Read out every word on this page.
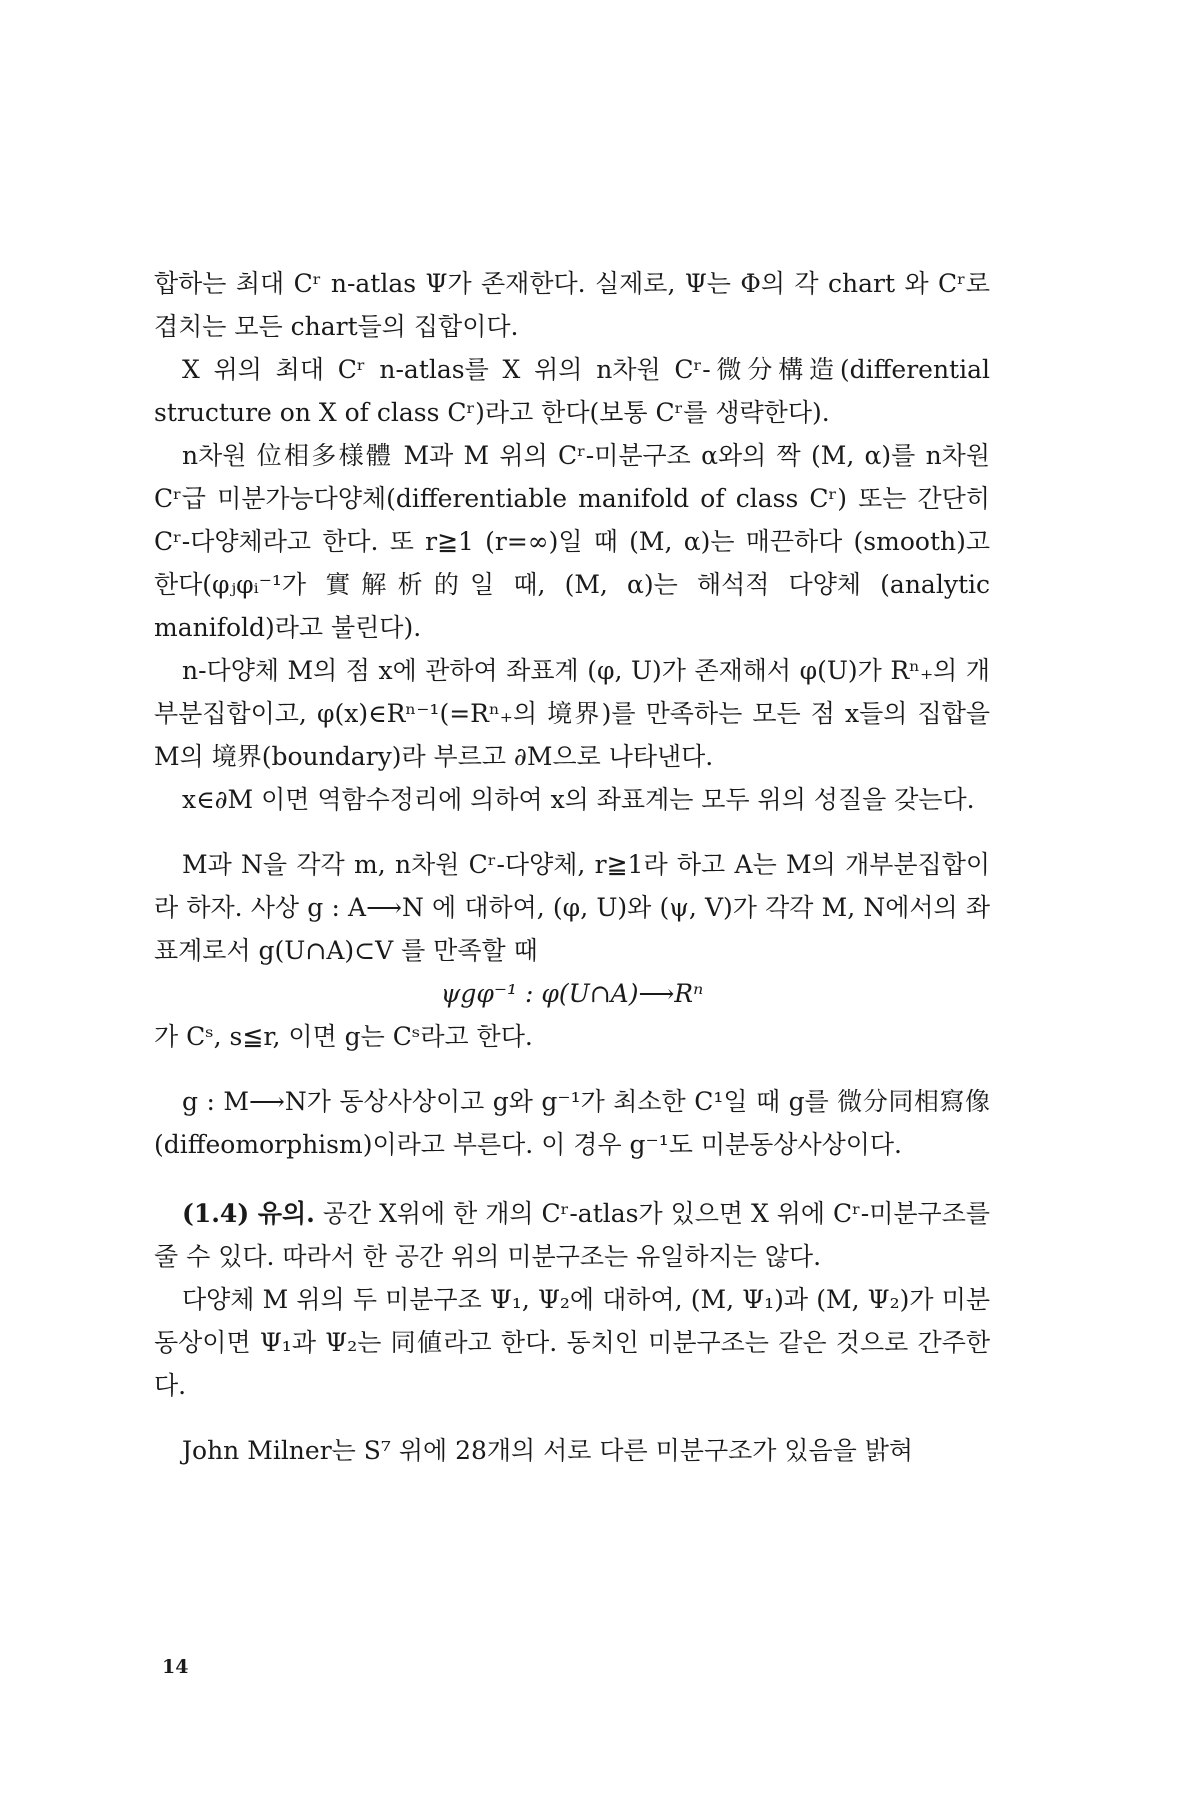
합하는 최대 Cʳ n-atlas Ψ가 존재한다. 실제로, Ψ는 Φ의 각 chart 와 Cʳ로 겹치는 모든 chart들의 집합이다.

X 위의 최대 Cʳ n-atlas를 X 위의 n차원 Cʳ-微分構造(differential structure on X of class Cʳ)라고 한다(보통 Cʳ를 생략한다).

n차원 位相多様體 M과 M 위의 Cʳ-미분구조 α와의 짝 (M, α)를 n차원 Cʳ급 미분가능다양체(differentiable manifold of class Cʳ) 또는 간단히 Cʳ-다양체라고 한다. 또 r≧1 (r=∞)일 때 (M, α)는 매끈하다 (smooth)고 한다(φⱼφᵢ⁻¹가 實解析的일 때, (M, α)는 해석적 다양체 (analytic manifold)라고 불린다).

n-다양체 M의 점 x에 관하여 좌표계 (φ, U)가 존재해서 φ(U)가 Rⁿ₊의 개부분집합이고, φ(x)∈Rⁿ⁻¹(=Rⁿ₊의 境界)를 만족하는 모든 점 x들의 집합을 M의 境界(boundary)라 부르고 ∂M으로 나타낸다.

x∈∂M 이면 역함수정리에 의하여 x의 좌표계는 모두 위의 성질을 갖는다.

M과 N을 각각 m, n차원 Cʳ-다양체, r≧1라 하고 A는 M의 개부분집합이라 하자. 사상 g : A⟶N 에 대하여, (φ, U)와 (ψ, V)가 각각 M, N에서의 좌표계로서 g(U∩A)⊂V 를 만족할 때

ψgφ⁻¹ : φ(U∩A)⟶Rⁿ

가 Cˢ, s≦r, 이면 g는 Cˢ라고 한다.

g : M⟶N가 동상사상이고 g와 g⁻¹가 최소한 C¹일 때 g를 微分同相寫像(diffeomorphism)이라고 부른다. 이 경우 g⁻¹도 미분동상사상이다.

(1.4) 유의. 공간 X위에 한 개의 Cʳ-atlas가 있으면 X 위에 Cʳ-미분구조를 줄 수 있다. 따라서 한 공간 위의 미분구조는 유일하지는 않다.

다양체 M 위의 두 미분구조 Ψ₁, Ψ₂에 대하여, (M, Ψ₁)과 (M, Ψ₂)가 미분동상이면 Ψ₁과 Ψ₂는 同値라고 한다. 동치인 미분구조는 같은 것으로 간주한다.

John Milner는 S⁷ 위에 28개의 서로 다른 미분구조가 있음을 밝혀

14
